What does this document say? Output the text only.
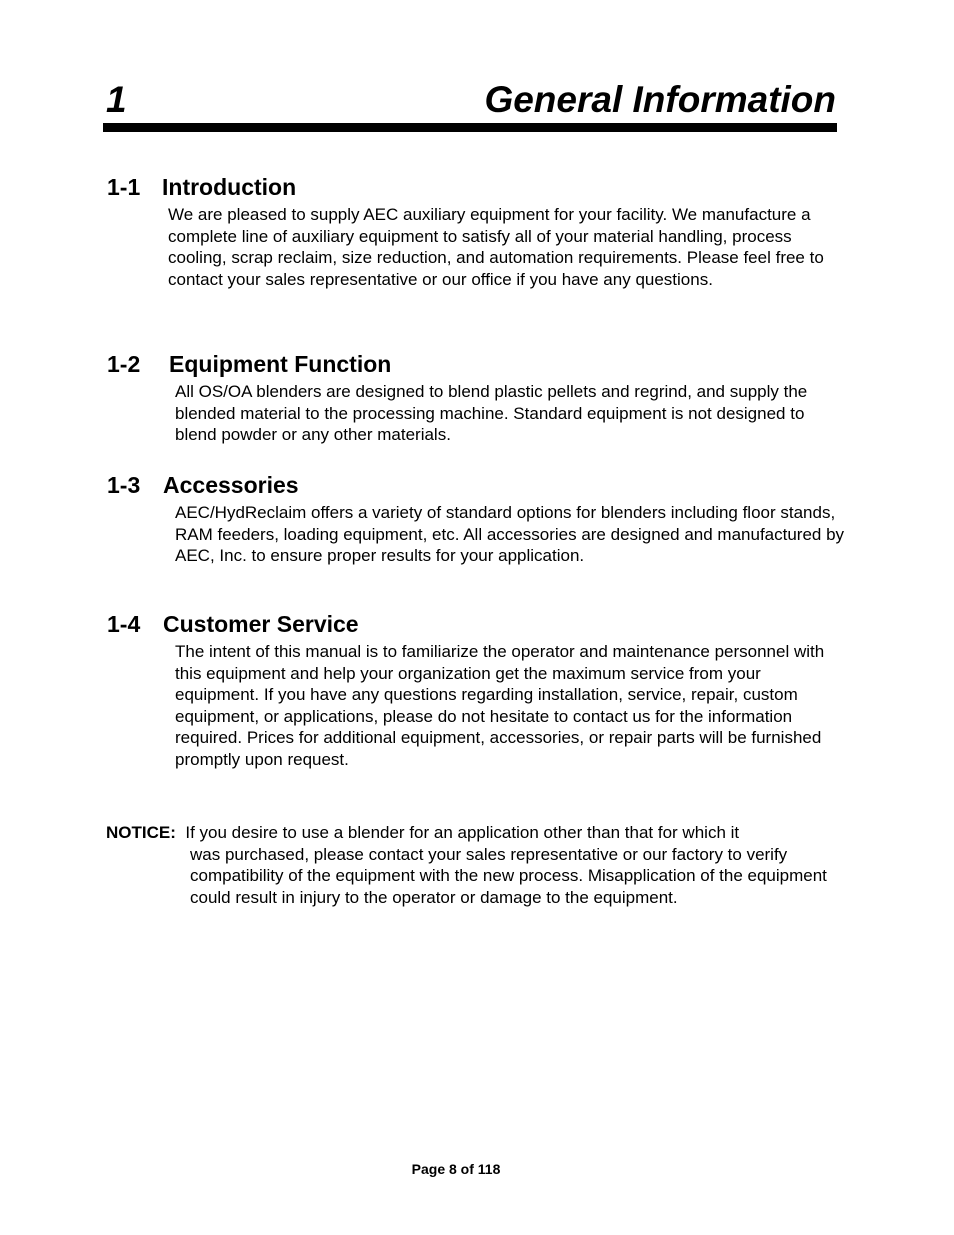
1	General Information
1-1 Introduction
We are pleased to supply AEC auxiliary equipment for your facility. We manufacture a complete line of auxiliary equipment to satisfy all of your material handling, process cooling, scrap reclaim, size reduction, and automation requirements. Please feel free to contact your sales representative or our office if you have any questions.
1-2 Equipment Function
All OS/OA blenders are designed to blend plastic pellets and regrind, and supply the blended material to the processing machine. Standard equipment is not designed to blend powder or any other materials.
1-3 Accessories
AEC/HydReclaim offers a variety of standard options for blenders including floor stands, RAM feeders, loading equipment, etc. All accessories are designed and manufactured by AEC, Inc. to ensure proper results for your application.
1-4 Customer Service
The intent of this manual is to familiarize the operator and maintenance personnel with this equipment and help your organization get the maximum service from your equipment. If you have any questions regarding installation, service, repair, custom equipment, or applications, please do not hesitate to contact us for the information required. Prices for additional equipment, accessories, or repair parts will be furnished promptly upon request.
NOTICE: If you desire to use a blender for an application other than that for which it
was purchased, please contact your sales representative or our factory to verify compatibility of the equipment with the new process. Misapplication of the equipment could result in injury to the operator or damage to the equipment.
Page 8 of 118
